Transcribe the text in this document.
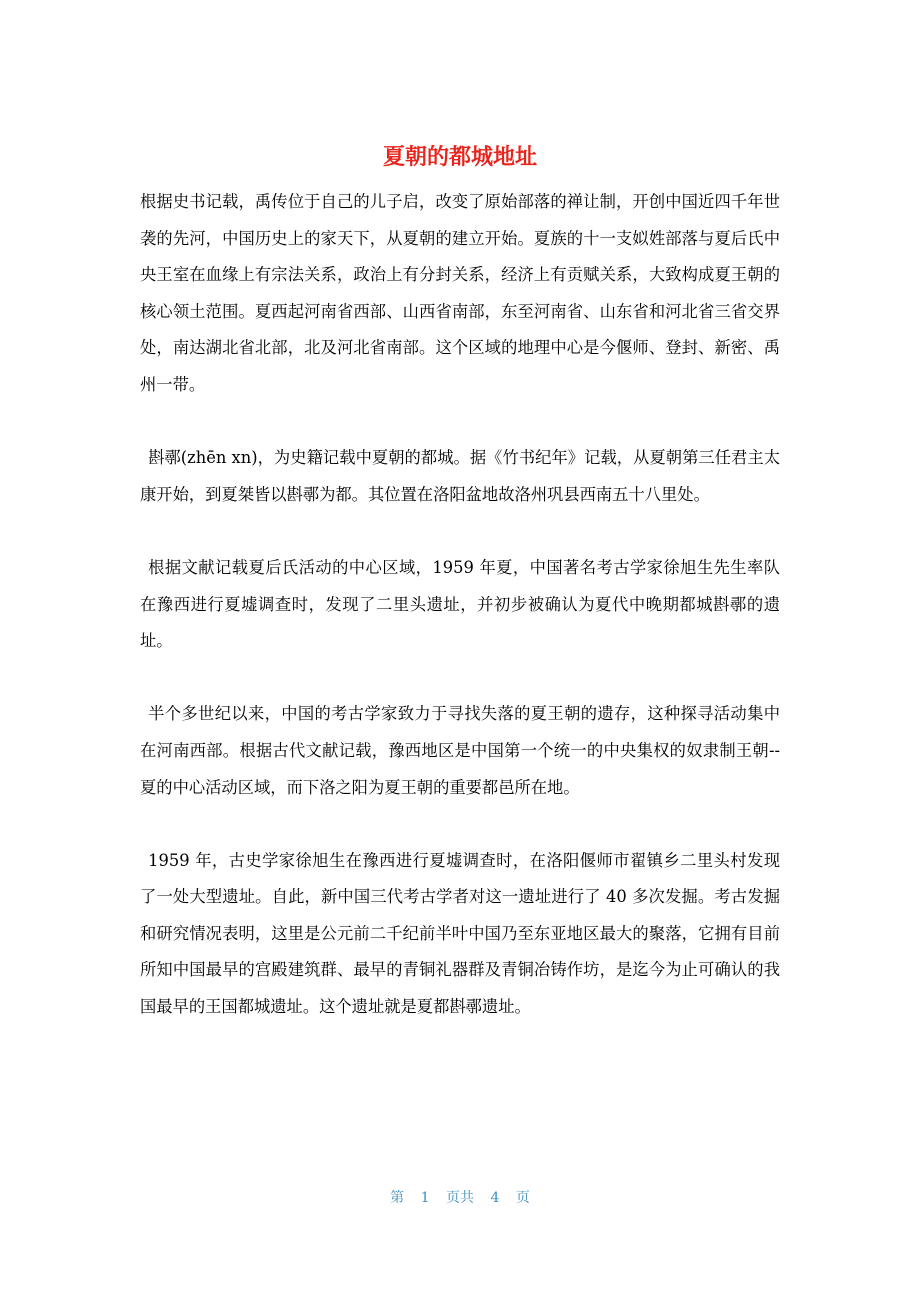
夏朝的都城地址

根据史书记载，禹传位于自己的儿子启，改变了原始部落的禅让制，开创中国近四千年世袭的先河，中国历史上的家天下，从夏朝的建立开始。夏族的十一支姒姓部落与夏后氏中央王室在血缘上有宗法关系，政治上有分封关系，经济上有贡赋关系，大致构成夏王朝的核心领土范围。夏西起河南省西部、山西省南部，东至河南省、山东省和河北省三省交界处，南达湖北省北部，北及河北省南部。这个区域的地理中心是今偃师、登封、新密、禹州一带。

斟鄩(zhēn xn)，为史籍记载中夏朝的都城。据《竹书纪年》记载，从夏朝第三任君主太康开始，到夏桀皆以斟鄩为都。其位置在洛阳盆地故洛州巩县西南五十八里处。

根据文献记载夏后氏活动的中心区域，1959 年夏，中国著名考古学家徐旭生先生率队在豫西进行夏墟调查时，发现了二里头遗址，并初步被确认为夏代中晚期都城斟鄩的遗址。

半个多世纪以来，中国的考古学家致力于寻找失落的夏王朝的遗存，这种探寻活动集中在河南西部。根据古代文献记载，豫西地区是中国第一个统一的中央集权的奴隶制王朝--夏的中心活动区域，而下洛之阳为夏王朝的重要都邑所在地。

1959 年，古史学家徐旭生在豫西进行夏墟调查时，在洛阳偃师市翟镇乡二里头村发现了一处大型遗址。自此，新中国三代考古学者对这一遗址进行了 40 多次发掘。考古发掘和研究情况表明，这里是公元前二千纪前半叶中国乃至东亚地区最大的聚落，它拥有目前所知中国最早的宫殿建筑群、最早的青铜礼器群及青铜冶铸作坊，是迄今为止可确认的我国最早的王国都城遗址。这个遗址就是夏都斟鄩遗址。

第 1 页共 4 页
